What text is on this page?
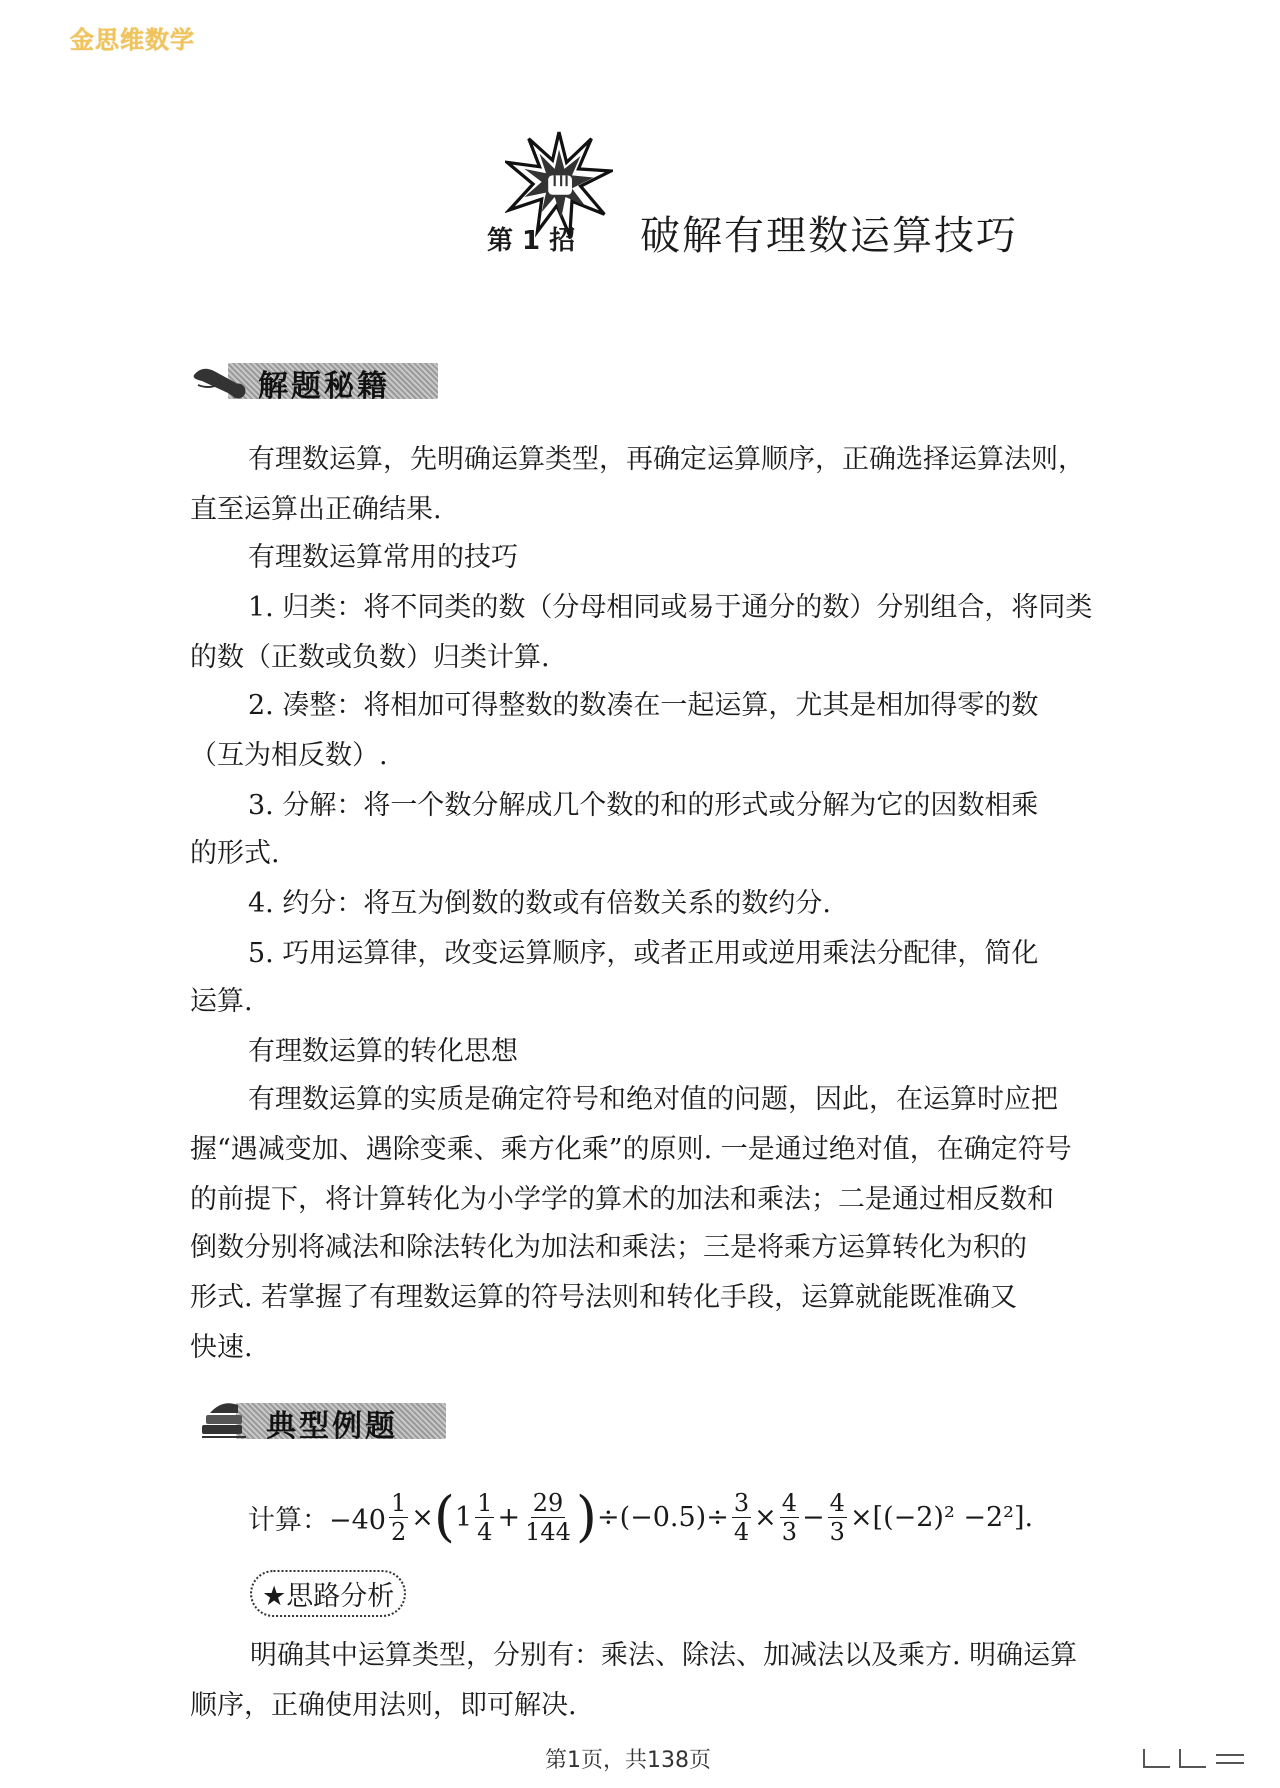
金思维数学
第 1 招 破解有理数运算技巧
解题秘籍

有理数运算，先明确运算类型，再确定运算顺序，正确选择运算法则，

直至运算出正确结果.

有理数运算常用的技巧

1. 归类：将不同类的数（分母相同或易于通分的数）分别组合，将同类

的数（正数或负数）归类计算.

2. 凑整：将相加可得整数的数凑在一起运算，尤其是相加得零的数

（互为相反数）.

3. 分解：将一个数分解成几个数的和的形式或分解为它的因数相乘

的形式.

4. 约分：将互为倒数的数或有倍数关系的数约分.

5. 巧用运算律，改变运算顺序，或者正用或逆用乘法分配律，简化

运算.

有理数运算的转化思想

有理数运算的实质是确定符号和绝对值的问题，因此，在运算时应把

握“遇减变加、遇除变乘、乘方化乘”的原则. 一是通过绝对值，在确定符号

的前提下，将计算转化为小学学的算术的加法和乘法；二是通过相反数和

倒数分别将减法和除法转化为加法和乘法；三是将乘方运算转化为积的

形式. 若掌握了有理数运算的符号法则和转化手段，运算就能既准确又

快速.

典型例题
计算：$-40 \frac{1}{2}$ × ( $1 \frac{1}{4} + \frac{29}{144}$ ) $\div(-0.5)\div \frac{3}{4} \times \frac{4}{3} - \frac{4}{3} \times[(-2)^2 -2^2]$.
★思路分析

明确其中运算类型，分别有：乘法、除法、加减法以及乘方. 明确运算

顺序，正确使用法则，即可解决.

第1页，共138页
